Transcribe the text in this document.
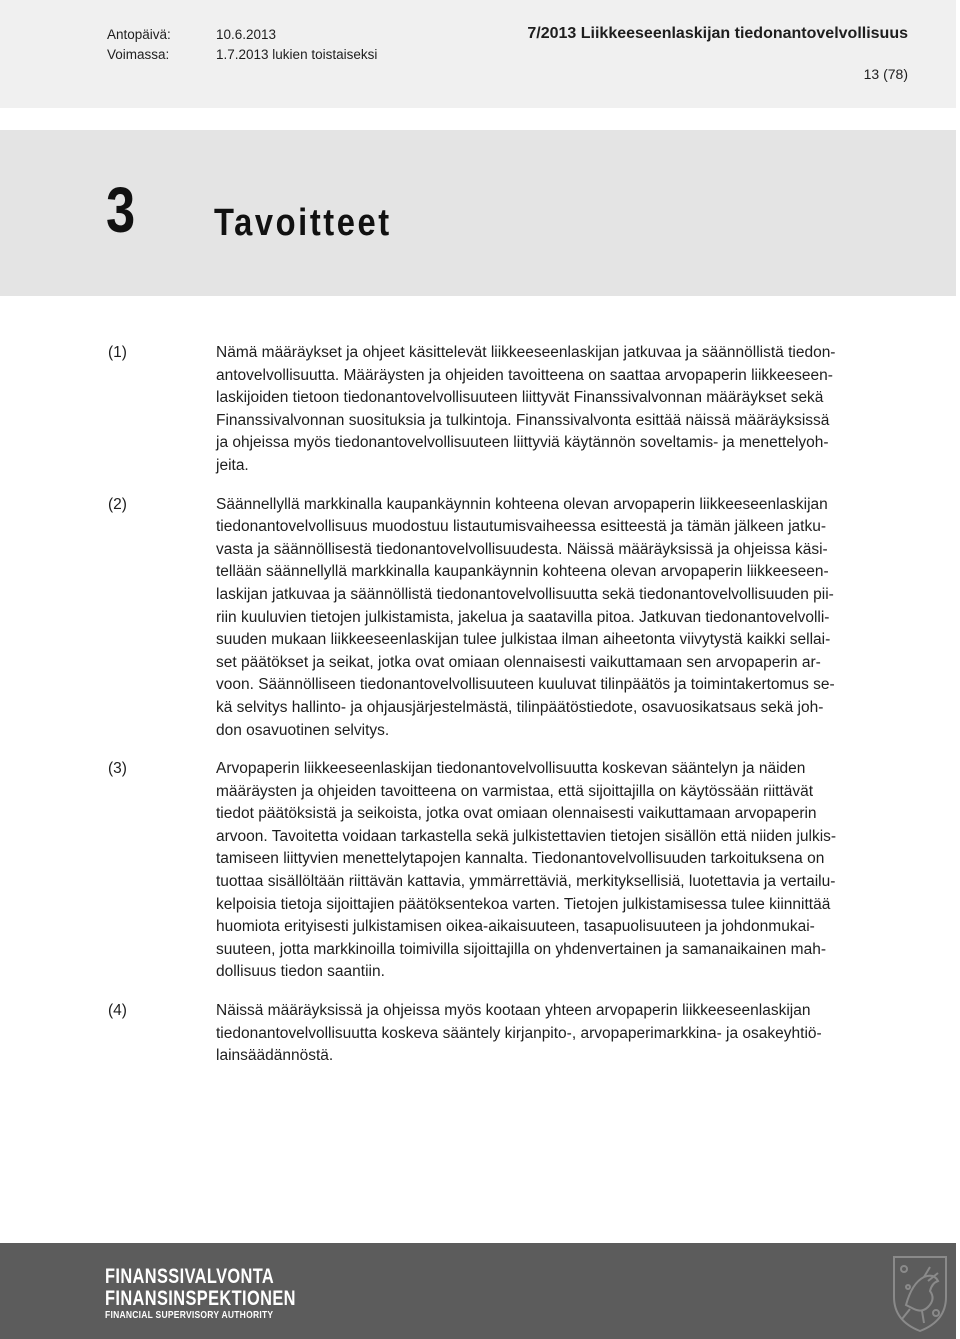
Antopäivä:	10.6.2013
Voimassa:	1.7.2013 lukien toistaiseksi
7/2013 Liikkeeseenlaskijan tiedonantovelvollisuus
13 (78)
3 Tavoitteet
(1)	Nämä määräykset ja ohjeet käsittelevät liikkeeseenlaskijan jatkuvaa ja säännöllistä tiedon-
antovelvollisuutta. Määräysten ja ohjeiden tavoitteena on saattaa arvopaperin liikkeeseen-
laskijoiden tietoon tiedonantovelvollisuuteen liittyvät Finanssivalvonnan määräykset sekä
Finanssivalvonnan suosituksia ja tulkintoja. Finanssivalvonta esittää näissä määräyksissä
ja ohjeissa myös tiedonantovelvollisuuteen liittyviä käytännön soveltamis- ja menettelyoh-
jeita.
(2)	Säännellyllä markkinalla kaupankäynnin kohteena olevan arvopaperin liikkeeseenlaskijan
tiedonantovelvollisuus muodostuu listautumisvaiheessa esitteestä ja tämän jälkeen jatku-
vasta ja säännöllisestä tiedonantovelvollisuudesta. Näissä määräyksissä ja ohjeissa käsi-
tellään säännellyllä markkinalla kaupankäynnin kohteena olevan arvopaperin liikkeeseen-
laskijan jatkuvaa ja säännöllistä tiedonantovelvollisuutta sekä tiedonantovelvollisuuden pii-
riin kuuluvien tietojen julkistamista, jakelua ja saatavilla pitoa. Jatkuvan tiedonantovelvolli-
suuden mukaan liikkeeseenlaskijan tulee julkistaa ilman aiheetonta viivytystä kaikki sellai-
set päätökset ja seikat, jotka ovat omiaan olennaisesti vaikuttamaan sen arvopaperin ar-
voon. Säännölliseen tiedonantovelvollisuuteen kuuluvat tilinpäätös ja toimintakertomus se-
kä selvitys hallinto- ja ohjausjärjestelmästä, tilinpäätöstiedote, osavuosikatsaus sekä joh-
don osavuotinen selvitys.
(3)	Arvopaperin liikkeeseenlaskijan tiedonantovelvollisuutta koskevan sääntelyn ja näiden
määräysten ja ohjeiden tavoitteena on varmistaa, että sijoittajilla on käytössään riittävät
tiedot päätöksistä ja seikoista, jotka ovat omiaan olennaisesti vaikuttamaan arvopaperin
arvoon. Tavoitetta voidaan tarkastella sekä julkistettavien tietojen sisällön että niiden julkis-
tamiseen liittyvien menettelytapojen kannalta. Tiedonantovelvollisuuden tarkoituksena on
tuottaa sisällöltään riittävän kattavia, ymmärrettäviä, merkityksellisiä, luotettavia ja vertailu-
kelpoisia tietoja sijoittajien päätöksentekoa varten. Tietojen julkistamisessa tulee kiinnittää
huomiota erityisesti julkistamisen oikea-aikaisuuteen, tasapuolisuuteen ja johdonmukai-
suuteen, jotta markkinoilla toimivilla sijoittajilla on yhdenvertainen ja samanaikainen mah-
dollisuus tiedon saantiin.
(4)	Näissä määräyksissä ja ohjeissa myös kootaan yhteen arvopaperin liikkeeseenlaskijan
tiedonantovelvollisuutta koskeva sääntely kirjanpito-, arvopaperimarkkina- ja osakeyhtiö-
lainsäädännöstä.
FINANSSIVALVONTA
FINANSINSPEKTIONEN
FINANCIAL SUPERVISORY AUTHORITY
